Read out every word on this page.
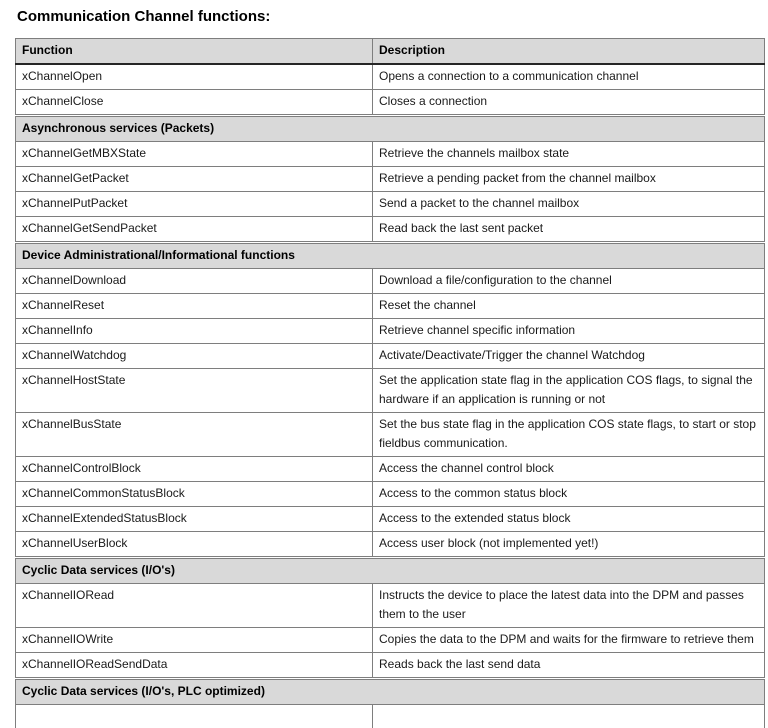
Communication Channel functions:
Function	Description
xChannelOpen	Opens a connection to a communication channel
xChannelClose	Closes a connection
Asynchronous services (Packets)	
xChannelGetMBXState	Retrieve the channels mailbox state
xChannelGetPacket	Retrieve a pending packet from the channel mailbox
xChannelPutPacket	Send a packet to the channel mailbox
xChannelGetSendPacket	Read back the last sent packet
Device Administrational/Informational functions	
xChannelDownload	Download a file/configuration to the channel
xChannelReset	Reset the channel
xChannelInfo	Retrieve channel specific information
xChannelWatchdog	Activate/Deactivate/Trigger the channel Watchdog
xChannelHostState	Set the application state flag in the application COS flags, to signal the hardware if an application is running or not
xChannelBusState	Set the bus state flag in the application COS state flags, to start or stop fieldbus communication.
xChannelControlBlock	Access the channel control block
xChannelCommonStatusBlock	Access to the common status block
xChannelExtendedStatusBlock	Access to the extended status block
xChannelUserBlock	Access user block (not implemented yet!)
Cyclic Data services (I/O's)	
xChannelIORead	Instructs the device to place the latest data into the DPM and passes them to the user
xChannelIOWrite	Copies the data to the DPM and waits for the firmware to retrieve them
xChannelIOReadSendData	Reads back the last send data
Cyclic Data services (I/O's, PLC optimized)	
